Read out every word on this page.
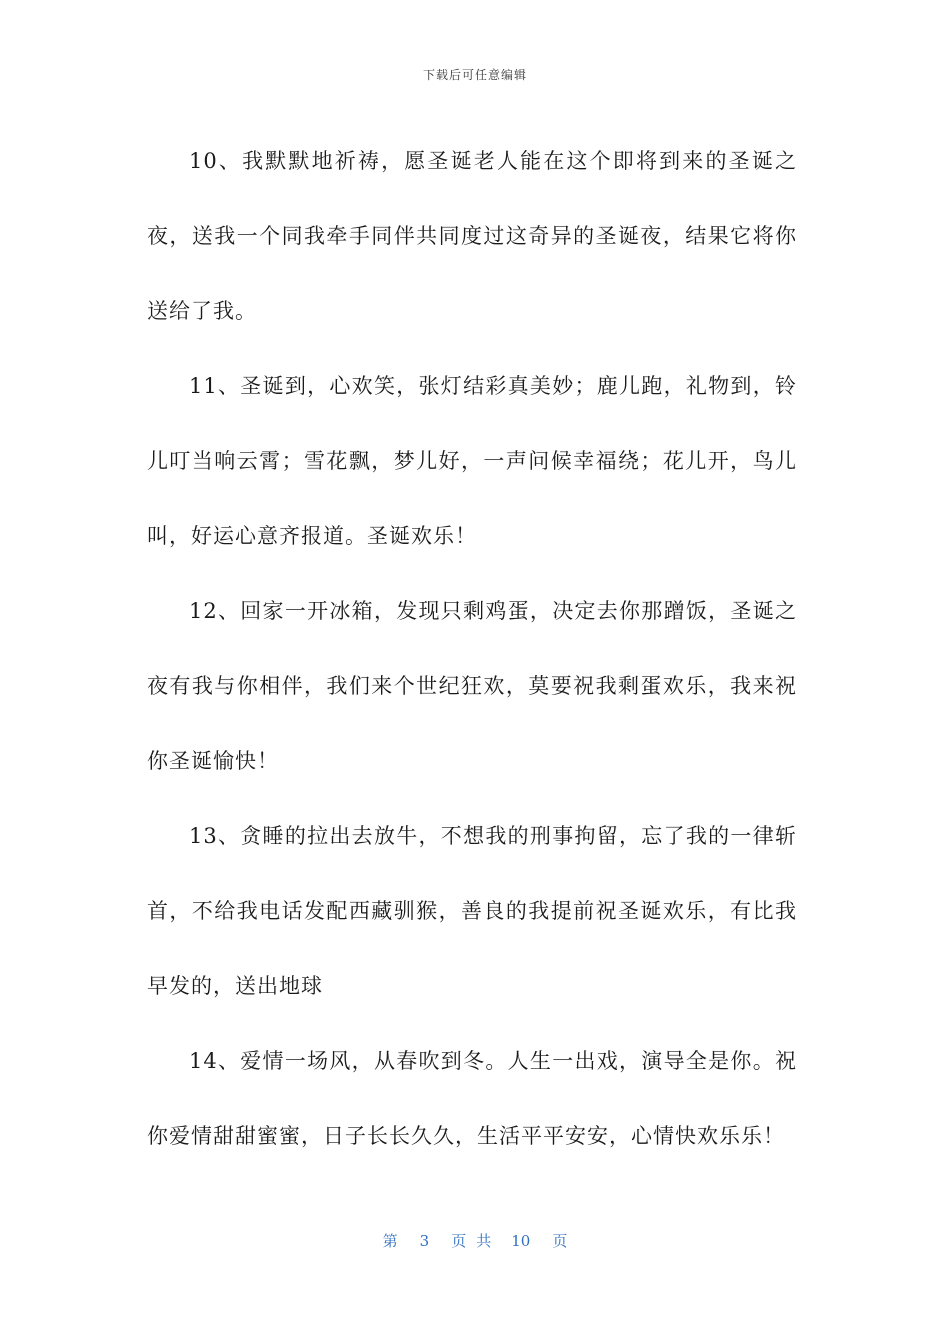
下载后可任意编辑

10、我默默地祈祷，愿圣诞老人能在这个即将到来的圣诞之夜，送我一个同我牵手同伴共同度过这奇异的圣诞夜，结果它将你送给了我。

11、圣诞到，心欢笑，张灯结彩真美妙；鹿儿跑，礼物到，铃儿叮当响云霄；雪花飘，梦儿好，一声问候幸福绕；花儿开，鸟儿叫，好运心意齐报道。圣诞欢乐！

12、回家一开冰箱，发现只剩鸡蛋，决定去你那蹭饭，圣诞之夜有我与你相伴，我们来个世纪狂欢，莫要祝我剩蛋欢乐，我来祝你圣诞愉快！

13、贪睡的拉出去放牛，不想我的刑事拘留，忘了我的一律斩首，不给我电话发配西藏驯猴，善良的我提前祝圣诞欢乐，有比我早发的，送出地球

14、爱情一场风，从春吹到冬。人生一出戏，演导全是你。祝你爱情甜甜蜜蜜，日子长长久久，生活平平安安，心情快欢乐乐！

第 3 页共 10 页
